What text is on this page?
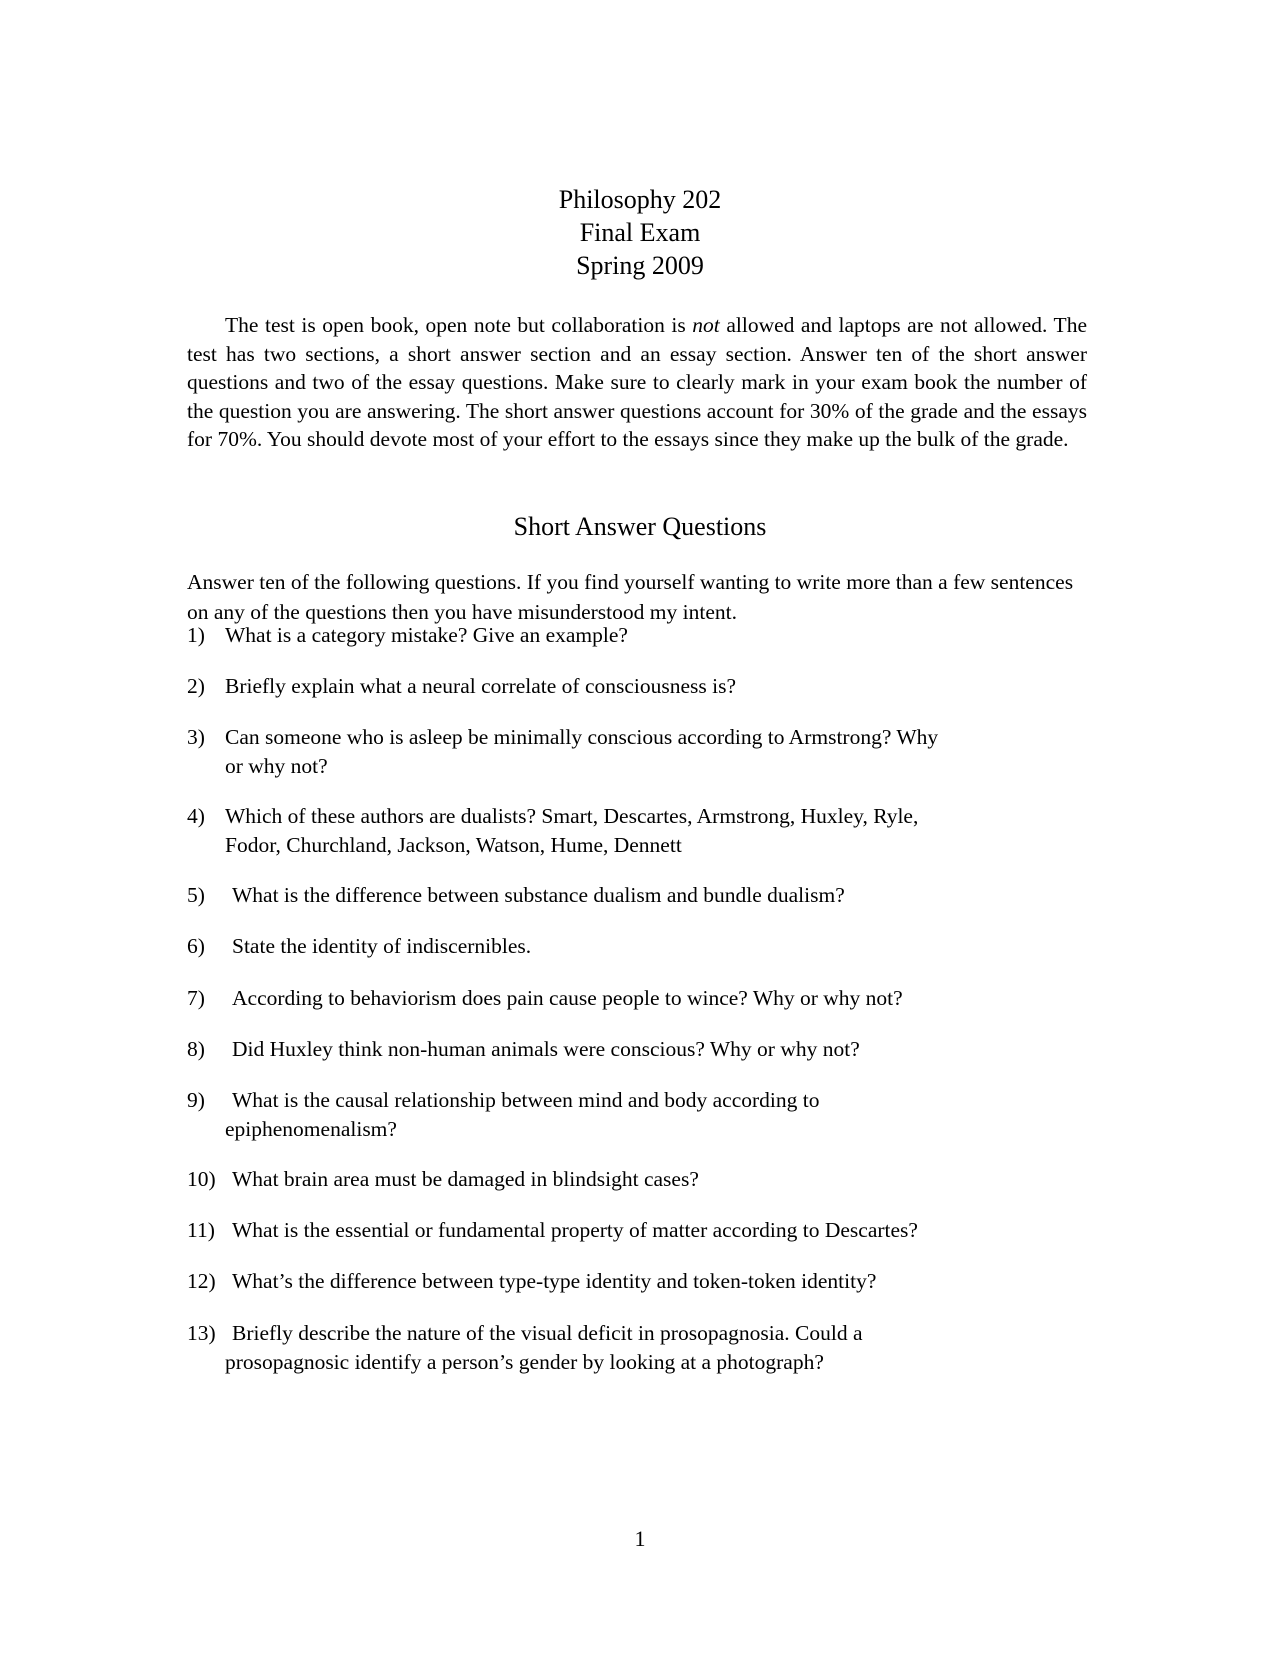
Philosophy 202
Final Exam
Spring 2009

The test is open book, open note but collaboration is not allowed and laptops are not allowed. The test has two sections, a short answer section and an essay section. Answer ten of the short answer questions and two of the essay questions. Make sure to clearly mark in your exam book the number of the question you are answering. The short answer questions account for 30% of the grade and the essays for 70%. You should devote most of your effort to the essays since they make up the bulk of the grade.

Short Answer Questions

Answer ten of the following questions. If you find yourself wanting to write more than a few sentences on any of the questions then you have misunderstood my intent.

1) What is a category mistake? Give an example?
2) Briefly explain what a neural correlate of consciousness is?
3) Can someone who is asleep be minimally conscious according to Armstrong? Why
or why not?
4) Which of these authors are dualists? Smart, Descartes, Armstrong, Huxley, Ryle,
Fodor, Churchland, Jackson, Watson, Hume, Dennett
5)	What is the difference between substance dualism and bundle dualism?
6)	State the identity of indiscernibles.
7)	According to behaviorism does pain cause people to wince? Why or why not?
8)	Did Huxley think non-human animals were conscious? Why or why not?
9)	What is the causal relationship between mind and body according to
epiphenomenalism?
10) What brain area must be damaged in blindsight cases?
11) What is the essential or fundamental property of matter according to Descartes?
12) What’s the difference between type-type identity and token-token identity?
13) Briefly describe the nature of the visual deficit in prosopagnosia. Could a
prosopagnosic identify a person’s gender by looking at a photograph?
1
